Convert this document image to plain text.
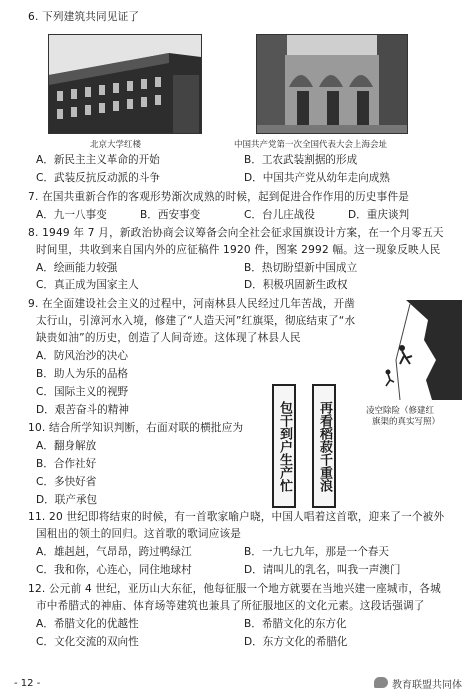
6. 下列建筑共同见证了
北京大学红楼	中国共产党第一次全国代表大会上海会址
A．新民主主义革命的开始	B．工农武装割据的形成
C．武装反抗反动派的斗争	D．中国共产党从幼年走向成熟
7. 在国共重新合作的客观形势渐次成熟的时候，起到促进合作作用的历史事件是
A．九一八事变	B．西安事变	C．台儿庄战役	D．重庆谈判
8. 1949 年 7 月，新政治协商会议筹备会向全社会征求国旗设计方案，在一个月零五天
时间里，共收到来自国内外的应征稿件 1920 件，图案 2992 幅。这一现象反映人民
A．绘画能力较强	B．热切盼望新中国成立
C．真正成为国家主人	D．积极巩固新生政权
9. 在全面建设社会主义的过程中，河南林县人民经过几年苦战，开凿
太行山，引漳河水入境，修建了“人造天河”红旗渠，彻底结束了“水
缺贵如油”的历史，创造了人间奇迹。这体现了林县人民
A．防风治沙的决心
B．助人为乐的品格
C．国际主义的视野
D．艰苦奋斗的精神	凌空除险（修建红
旗渠的真实写照）
10. 结合所学知识判断，右面对联的横批应为
A．翻身解放
B．合作社好
C．多快好省
D．联产承包
包干到户生产忙 再看稻菽千重浪
11. 20 世纪即将结束的时候，有一首歌家喻户晓，中国人唱着这首歌，迎来了一个被外
国租出的领土的回归。这首歌的歌词应该是
A．雄赳赳，气昂昂，跨过鸭绿江	B．一九七九年，那是一个春天
C．我和你，心连心，同住地球村	D．请叫儿的乳名，叫我一声澳门
12. 公元前 4 世纪，亚历山大东征，他每征服一个地方就要在当地兴建一座城市，各城
市中希腊式的神庙、体育场等建筑也兼具了所征服地区的文化元素。这段话强调了
A．希腊文化的优越性	B．希腊文化的东方化
C．文化交流的双向性	D．东方文化的希腊化
- 12 -	教育联盟共同体
